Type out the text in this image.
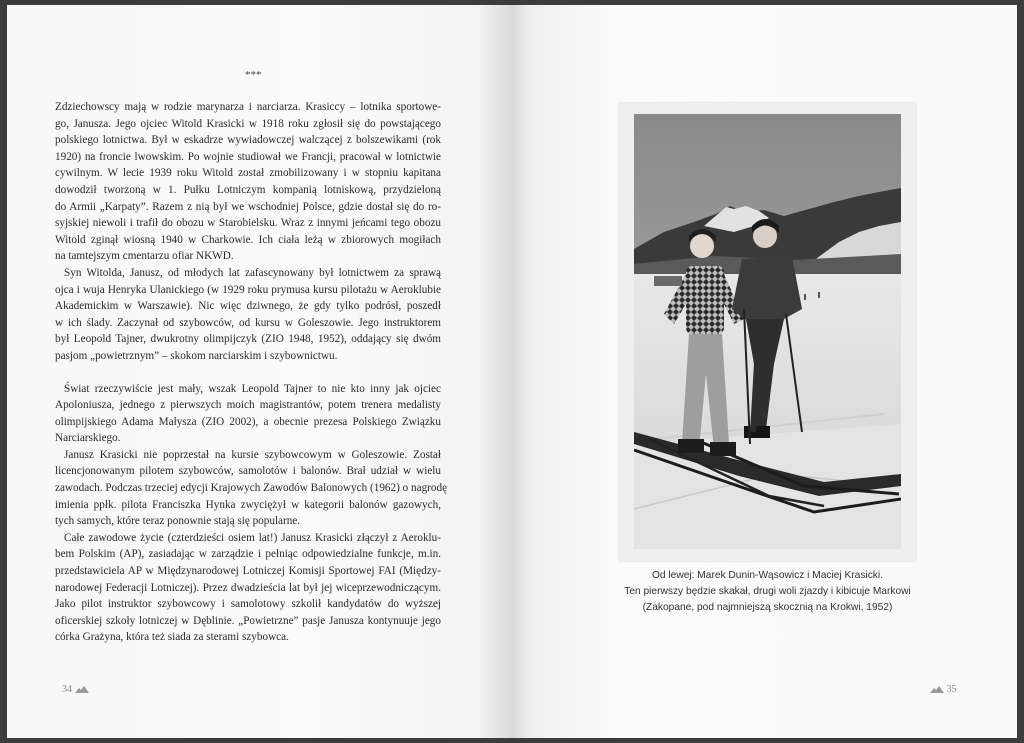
***
Zdziechowscy mają w rodzie marynarza i narciarza. Krasiccy – lotnika sportowe-
go, Janusza. Jego ojciec Witold Krasicki w 1918 roku zgłosił się do powstającego
polskiego lotnictwa. Był w eskadrze wywiadowczej walczącej z bolszewikami (rok
1920) na froncie lwowskim. Po wojnie studiował we Francji, pracował w lotnictwie
cywilnym. W lecie 1939 roku Witold został zmobilizowany i w stopniu kapitana
dowodził tworzoną w 1. Pułku Lotniczym kompanią lotniskową, przydzieloną
do Armii „Karpaty”. Razem z nią był we wschodniej Polsce, gdzie dostał się do ro-
syjskiej niewoli i trafił do obozu w Starobielsku. Wraz z innymi jeńcami tego obozu
Witold zginął wiosną 1940 w Charkowie. Ich ciała leżą w zbiorowych mogiłach
na tamtejszym cmentarzu ofiar NKWD.
Syn Witolda, Janusz, od młodych lat zafascynowany był lotnictwem za sprawą
ojca i wuja Henryka Ulanickiego (w 1929 roku prymusa kursu pilotażu w Aeroklubie
Akademickim w Warszawie). Nic więc dziwnego, że gdy tylko podrósł, poszedł
w ich ślady. Zaczynał od szybowców, od kursu w Goleszowie. Jego instruktorem
był Leopold Tajner, dwukrotny olimpijczyk (ZIO 1948, 1952), oddający się dwóm
pasjom „powietrznym” – skokom narciarskim i szybownictwu.
Świat rzeczywiście jest mały, wszak Leopold Tajner to nie kto inny jak ojciec
Apoloniusza, jednego z pierwszych moich magistrantów, potem trenera medalisty
olimpijskiego Adama Małysza (ZIO 2002), a obecnie prezesa Polskiego Związku
Narciarskiego.
Janusz Krasicki nie poprzestał na kursie szybowcowym w Goleszowie. Został
licencjonowanym pilotem szybowców, samolotów i balonów. Brał udział w wielu
zawodach. Podczas trzeciej edycji Krajowych Zawodów Balonowych (1962) o nagrodę
imienia ppłk. pilota Franciszka Hynka zwyciężył w kategorii balonów gazowych,
tych samych, które teraz ponownie stają się popularne.
Całe zawodowe życie (czterdzieści osiem lat!) Janusz Krasicki złączył z Aeroklu-
bem Polskim (AP), zasiadając w zarządzie i pełniąc odpowiedzialne funkcje, m.in.
przedstawiciela AP w Międzynarodowej Lotniczej Komisji Sportowej FAI (Między-
narodowej Federacji Lotniczej). Przez dwadzieścia lat był jej wiceprzewodniczącym.
Jako pilot instruktor szybowcowy i samolotowy szkolił kandydatów do wyższej
oficerskiej szkoły lotniczej w Dęblinie. „Powietrzne” pasje Janusza kontynuuje jego
córka Grażyna, która też siada za sterami szybowca.
34	35
Od lewej: Marek Dunin-Wąsowicz i Maciej Krasicki.
Ten pierwszy będzie skakał, drugi woli zjazdy i kibicuje Markowi
(Zakopane, pod najmniejszą skocznią na Krokwi, 1952)
